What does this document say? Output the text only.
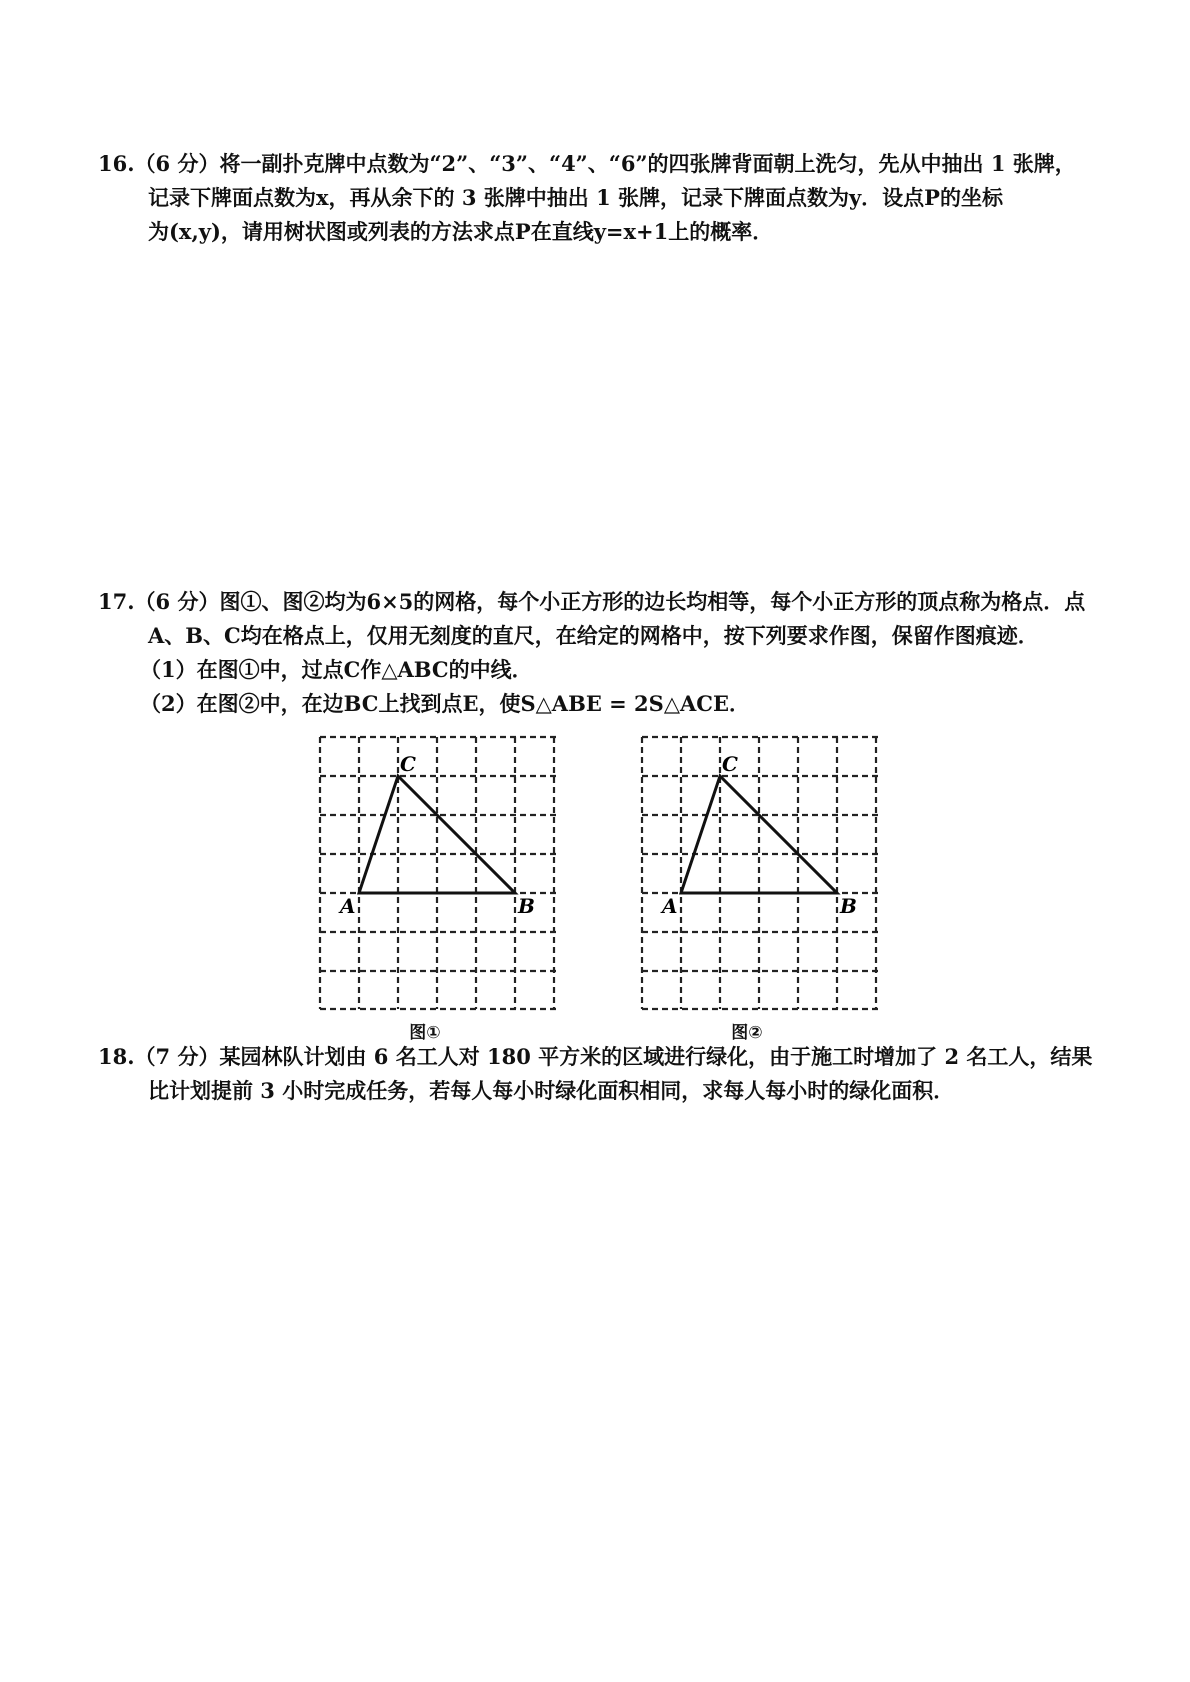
16.（6 分）将一副扑克牌中点数为“2”、“3”、“4”、“6”的四张牌背面朝上洗匀，先从中抽出 1 张牌，
记录下牌面点数为x，再从余下的 3 张牌中抽出 1 张牌，记录下牌面点数为y．设点P的坐标
为(x,y)，请用树状图或列表的方法求点P在直线y=x+1上的概率．
17.（6 分）图①、图②均为6×5的网格，每个小正方形的边长均相等，每个小正方形的顶点称为格点．点
A、B、C均在格点上，仅用无刻度的直尺，在给定的网格中，按下列要求作图，保留作图痕迹．
（1）在图①中，过点C作△ABC的中线．
（2）在图②中，在边BC上找到点E，使S△ABE = 2S△ACE．
C
A	B
图①
C
A	B
图②
18.（7 分）某园林队计划由 6 名工人对 180 平方米的区域进行绿化，由于施工时增加了 2 名工人，结果
比计划提前 3 小时完成任务，若每人每小时绿化面积相同，求每人每小时的绿化面积．
